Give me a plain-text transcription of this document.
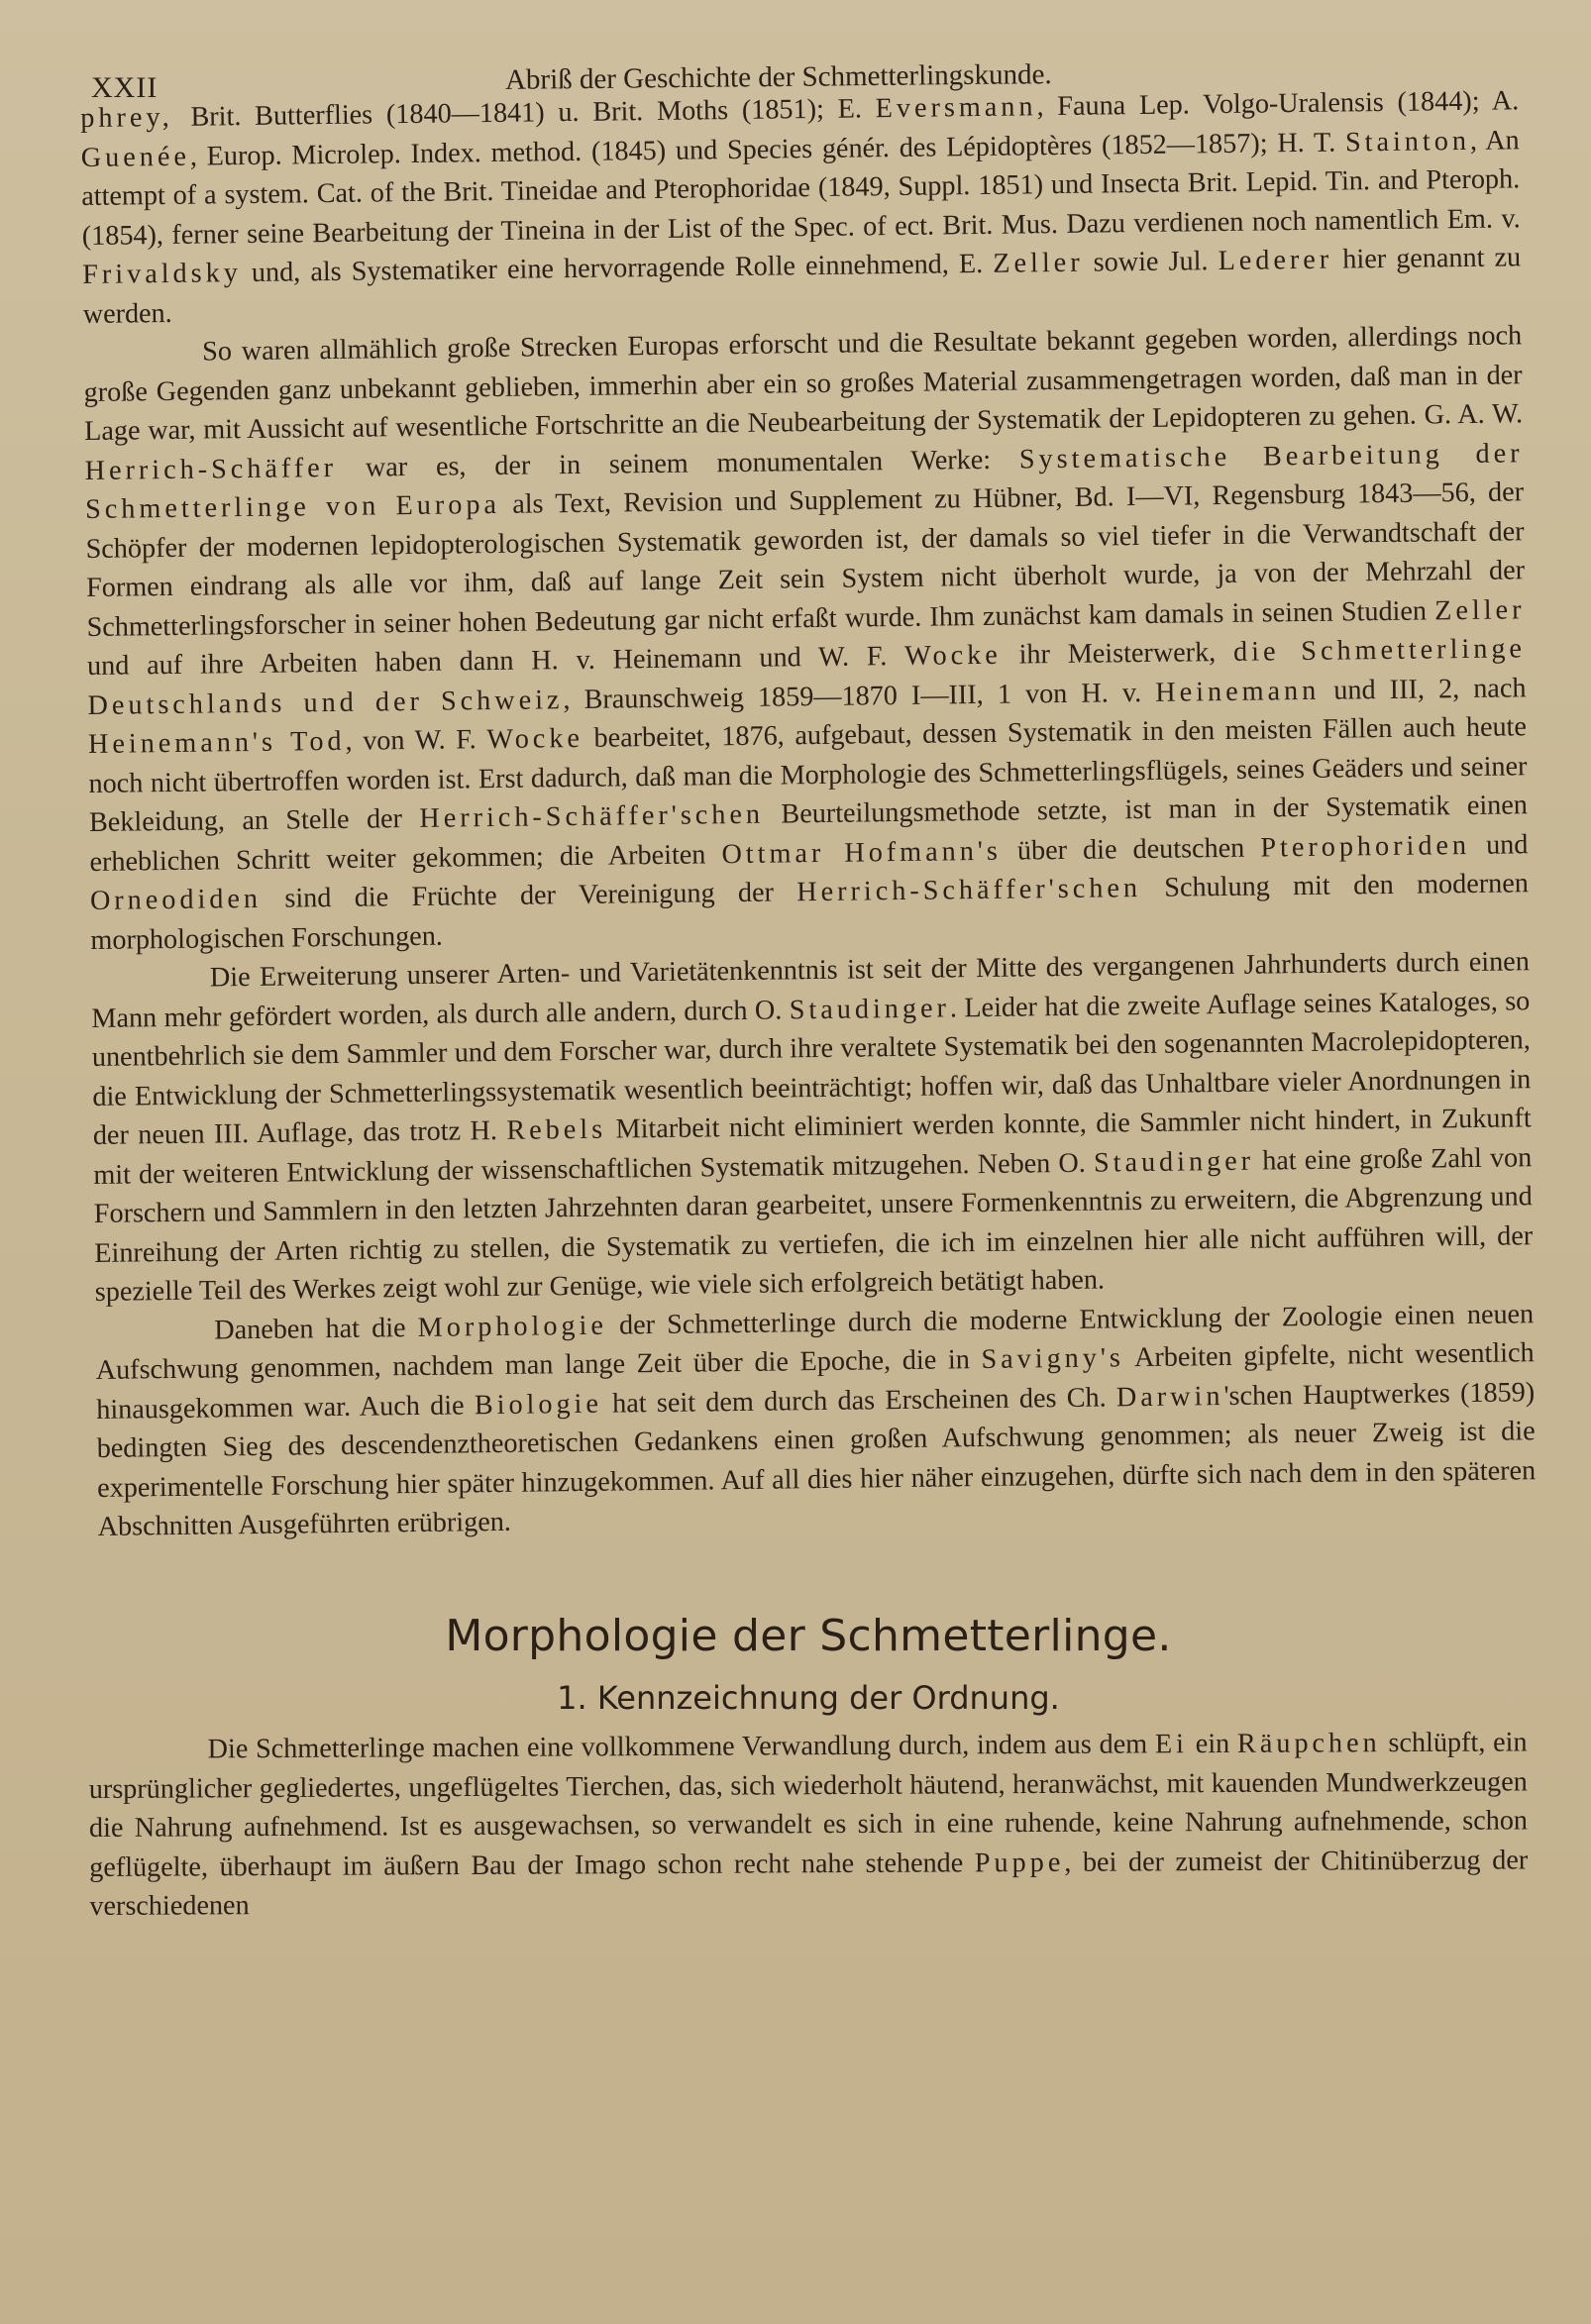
XXII	Abriß der Geschichte der Schmetterlingskunde.

phrey, Brit. Butterflies (1840—1841) u. Brit. Moths (1851); E. Eversmann, Fauna Lep. Volgo-Uralensis (1844); A. Guenée, Europ. Microlep. Index. method. (1845) und Species génér. des Lépidoptères (1852—1857); H. T. Stainton, An attempt of a system. Cat. of the Brit. Tineidae and Pterophoridae (1849, Suppl. 1851) und Insecta Brit. Lepid. Tin. and Pteroph. (1854), ferner seine Bearbeitung der Tineina in der List of the Spec. of ect. Brit. Mus. Dazu verdienen noch namentlich Em. v. Frivaldsky und, als Systematiker eine hervorragende Rolle einnehmend, E. Zeller sowie Jul. Lederer hier genannt zu werden.

So waren allmählich große Strecken Europas erforscht und die Resultate bekannt gegeben worden, allerdings noch große Gegenden ganz unbekannt geblieben, immerhin aber ein so großes Material zusammengetragen worden, daß man in der Lage war, mit Aussicht auf wesentliche Fortschritte an die Neubearbeitung der Systematik der Lepidopteren zu gehen. G. A. W. Herrich-Schäffer war es, der in seinem monumentalen Werke: Systematische Bearbeitung der Schmetterlinge von Europa als Text, Revision und Supplement zu Hübner, Bd. I—VI, Regensburg 1843—56, der Schöpfer der modernen lepidopterologischen Systematik geworden ist, der damals so viel tiefer in die Verwandtschaft der Formen eindrang als alle vor ihm, daß auf lange Zeit sein System nicht überholt wurde, ja von der Mehrzahl der Schmetterlingsforscher in seiner hohen Bedeutung gar nicht erfaßt wurde. Ihm zunächst kam damals in seinen Studien Zeller und auf ihre Arbeiten haben dann H. v. Heinemann und W. F. Wocke ihr Meisterwerk, die Schmetterlinge Deutschlands und der Schweiz, Braunschweig 1859—1870 I—III, 1 von H. v. Heinemann und III, 2, nach Heinemann's Tod, von W. F. Wocke bearbeitet, 1876, aufgebaut, dessen Systematik in den meisten Fällen auch heute noch nicht übertroffen worden ist. Erst dadurch, daß man die Morphologie des Schmetterlingsflügels, seines Geäders und seiner Bekleidung, an Stelle der Herrich-Schäffer'schen Beurteilungsmethode setzte, ist man in der Systematik einen erheblichen Schritt weiter gekommen; die Arbeiten Ottmar Hofmann's über die deutschen Pterophoriden und Orneodiden sind die Früchte der Vereinigung der Herrich-Schäffer'schen Schulung mit den modernen morphologischen Forschungen.

Die Erweiterung unserer Arten- und Varietätenkenntnis ist seit der Mitte des vergangenen Jahrhunderts durch einen Mann mehr gefördert worden, als durch alle andern, durch O. Staudinger. Leider hat die zweite Auflage seines Kataloges, so unentbehrlich sie dem Sammler und dem Forscher war, durch ihre veraltete Systematik bei den sogenannten Macrolepidopteren, die Entwicklung der Schmetterlingssystematik wesentlich beeinträchtigt; hoffen wir, daß das Unhaltbare vieler Anordnungen in der neuen III. Auflage, das trotz H. Rebels Mitarbeit nicht eliminiert werden konnte, die Sammler nicht hindert, in Zukunft mit der weiteren Entwicklung der wissenschaftlichen Systematik mitzugehen. Neben O. Staudinger hat eine große Zahl von Forschern und Sammlern in den letzten Jahrzehnten daran gearbeitet, unsere Formenkenntnis zu erweitern, die Abgrenzung und Einreihung der Arten richtig zu stellen, die Systematik zu vertiefen, die ich im einzelnen hier alle nicht aufführen will, der spezielle Teil des Werkes zeigt wohl zur Genüge, wie viele sich erfolgreich betätigt haben.

Daneben hat die Morphologie der Schmetterlinge durch die moderne Entwicklung der Zoologie einen neuen Aufschwung genommen, nachdem man lange Zeit über die Epoche, die in Savigny's Arbeiten gipfelte, nicht wesentlich hinausgekommen war. Auch die Biologie hat seit dem durch das Erscheinen des Ch. Darwin'schen Hauptwerkes (1859) bedingten Sieg des descendenztheoretischen Gedankens einen großen Aufschwung genommen; als neuer Zweig ist die experimentelle Forschung hier später hinzugekommen. Auf all dies hier näher einzugehen, dürfte sich nach dem in den späteren Abschnitten Ausgeführten erübrigen.

Morphologie der Schmetterlinge.
1. Kennzeichnung der Ordnung.

Die Schmetterlinge machen eine vollkommene Verwandlung durch, indem aus dem Ei ein Räupchen schlüpft, ein ursprünglicher gegliedertes, ungeflügeltes Tierchen, das, sich wiederholt häutend, heranwächst, mit kauenden Mundwerkzeugen die Nahrung aufnehmend. Ist es ausgewachsen, so verwandelt es sich in eine ruhende, keine Nahrung aufnehmende, schon geflügelte, überhaupt im äußern Bau der Imago schon recht nahe stehende Puppe, bei der zumeist der Chitinüberzug der verschiedenen
